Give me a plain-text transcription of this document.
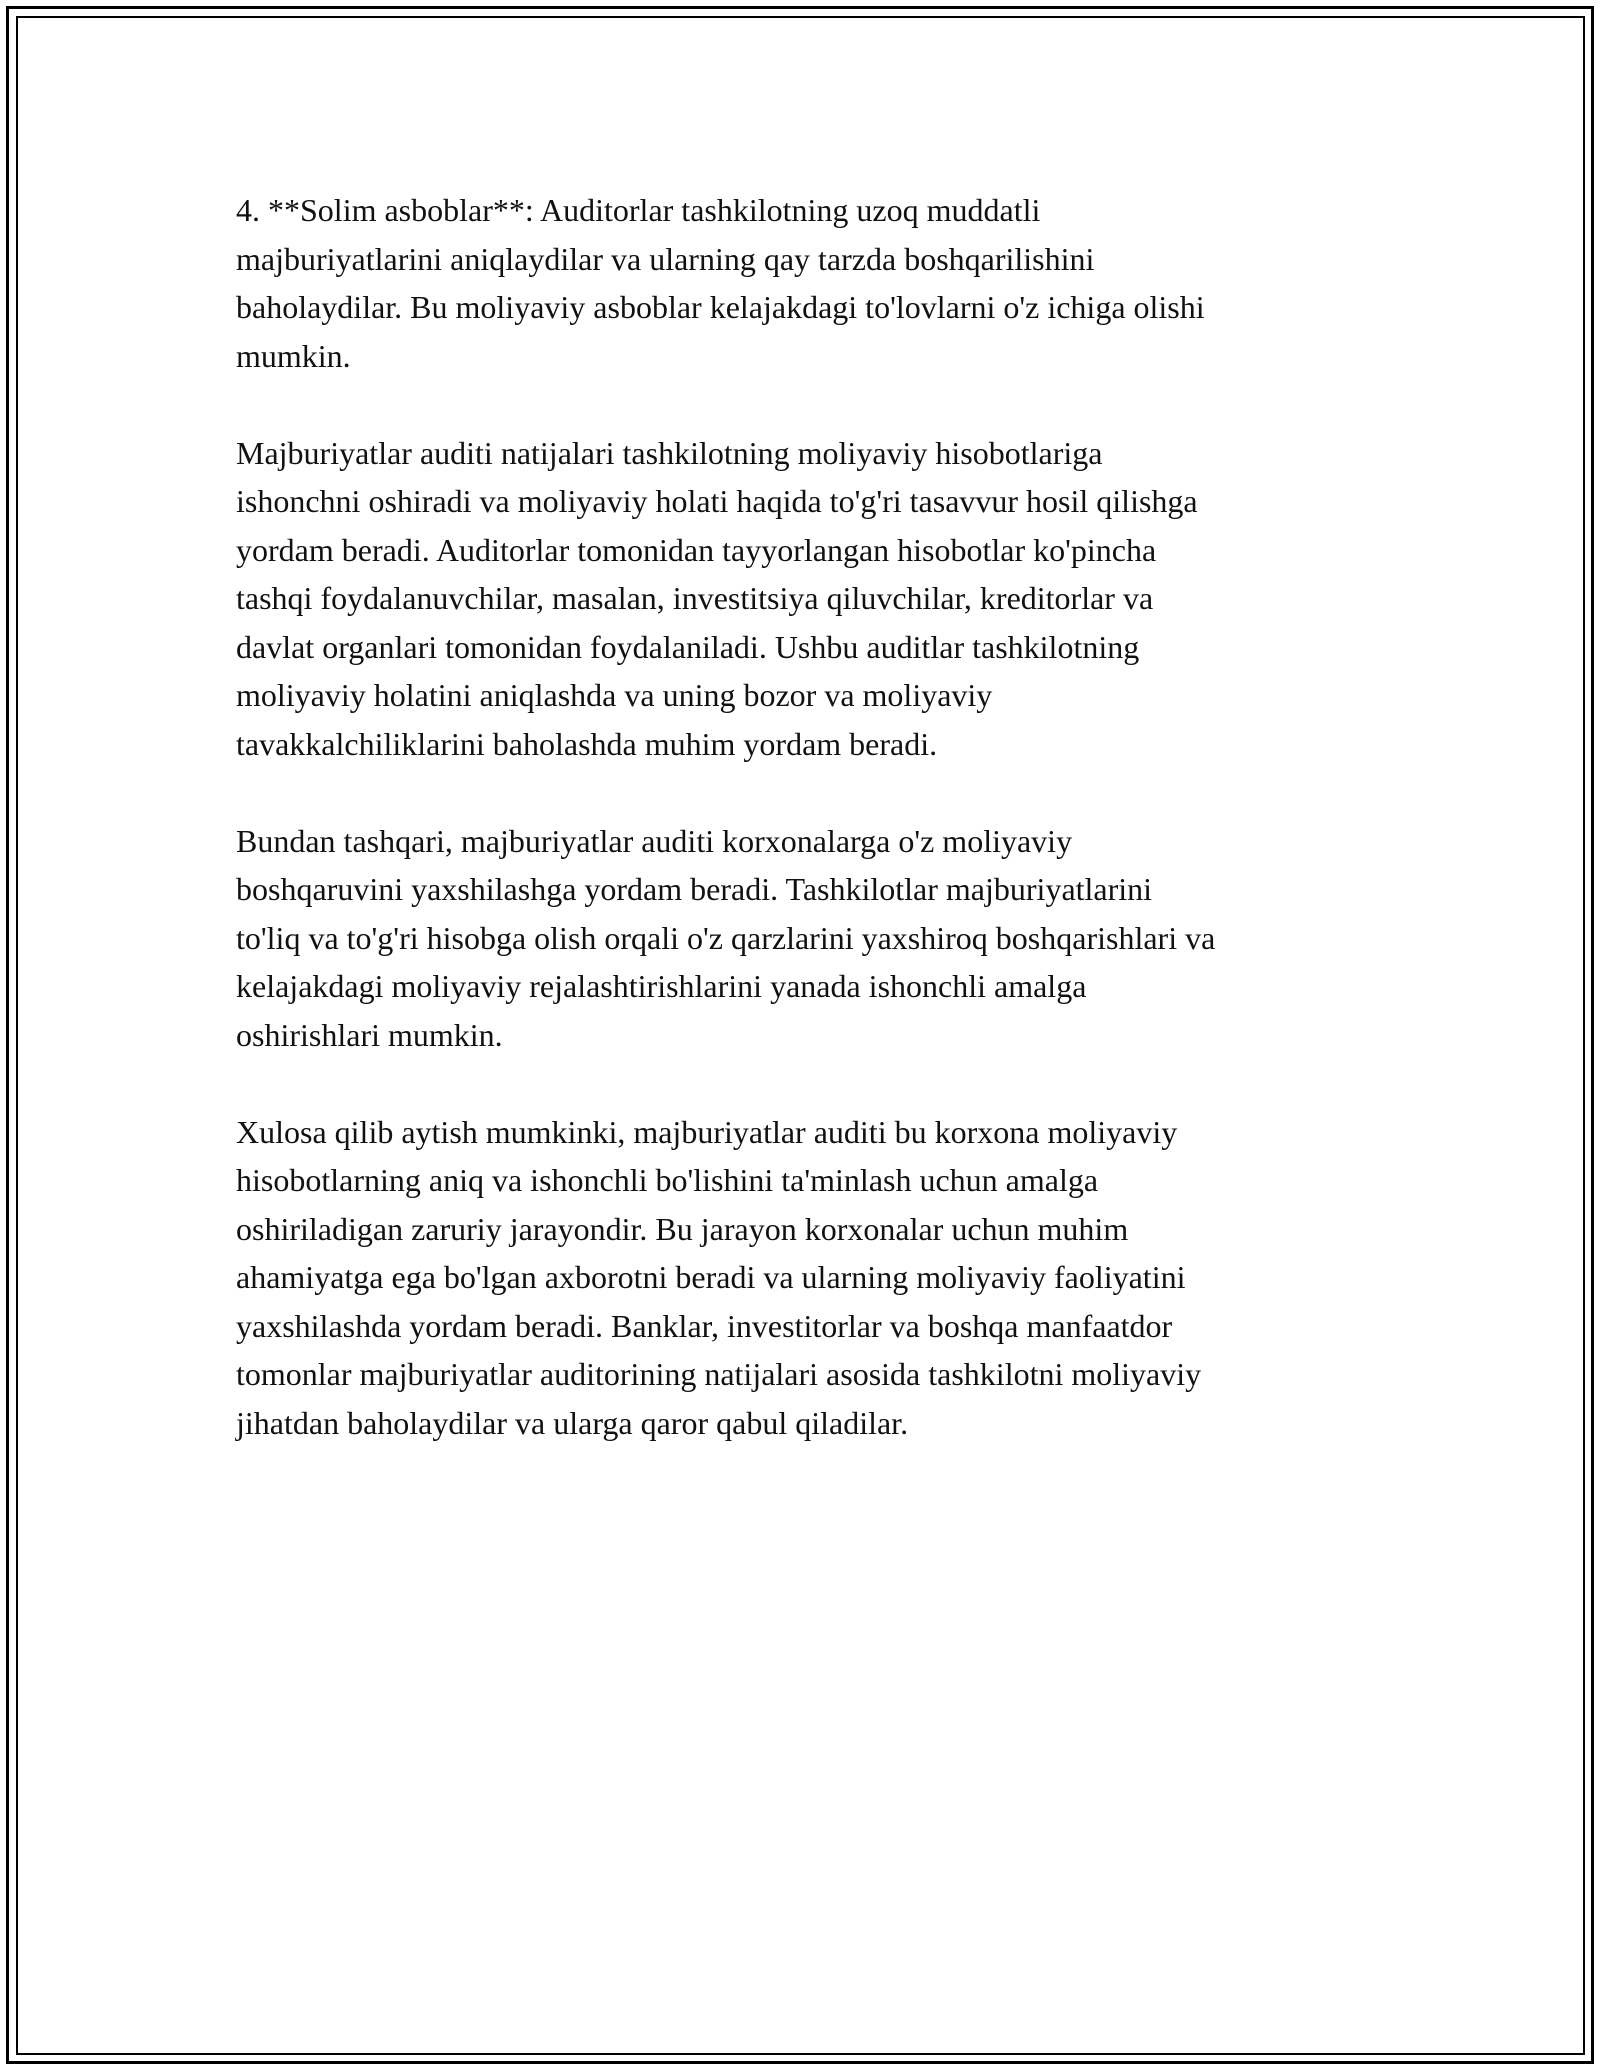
4. **Solim asboblar**: Auditorlar tashkilotning uzoq muddatli
majburiyatlarini aniqlaydilar va ularning qay tarzda boshqarilishini
baholaydilar. Bu moliyaviy asboblar kelajakdagi to'lovlarni o'z ichiga olishi
mumkin.
Majburiyatlar auditi natijalari tashkilotning moliyaviy hisobotlariga
ishonchni oshiradi va moliyaviy holati haqida to'g'ri tasavvur hosil qilishga
yordam beradi. Auditorlar tomonidan tayyorlangan hisobotlar ko'pincha
tashqi foydalanuvchilar, masalan, investitsiya qiluvchilar, kreditorlar va
davlat organlari tomonidan foydalaniladi. Ushbu auditlar tashkilotning
moliyaviy holatini aniqlashda va uning bozor va moliyaviy
tavakkalchiliklarini baholashda muhim yordam beradi.
Bundan tashqari, majburiyatlar auditi korxonalarga o'z moliyaviy
boshqaruvini yaxshilashga yordam beradi. Tashkilotlar majburiyatlarini
to'liq va to'g'ri hisobga olish orqali o'z qarzlarini yaxshiroq boshqarishlari va
kelajakdagi moliyaviy rejalashtirishlarini yanada ishonchli amalga
oshirishlari mumkin.
Xulosa qilib aytish mumkinki, majburiyatlar auditi bu korxona moliyaviy
hisobotlarning aniq va ishonchli bo'lishini ta'minlash uchun amalga
oshiriladigan zaruriy jarayondir. Bu jarayon korxonalar uchun muhim
ahamiyatga ega bo'lgan axborotni beradi va ularning moliyaviy faoliyatini
yaxshilashda yordam beradi. Banklar, investitorlar va boshqa manfaatdor
tomonlar majburiyatlar auditorining natijalari asosida tashkilotni moliyaviy
jihatdan baholaydilar va ularga qaror qabul qiladilar.
